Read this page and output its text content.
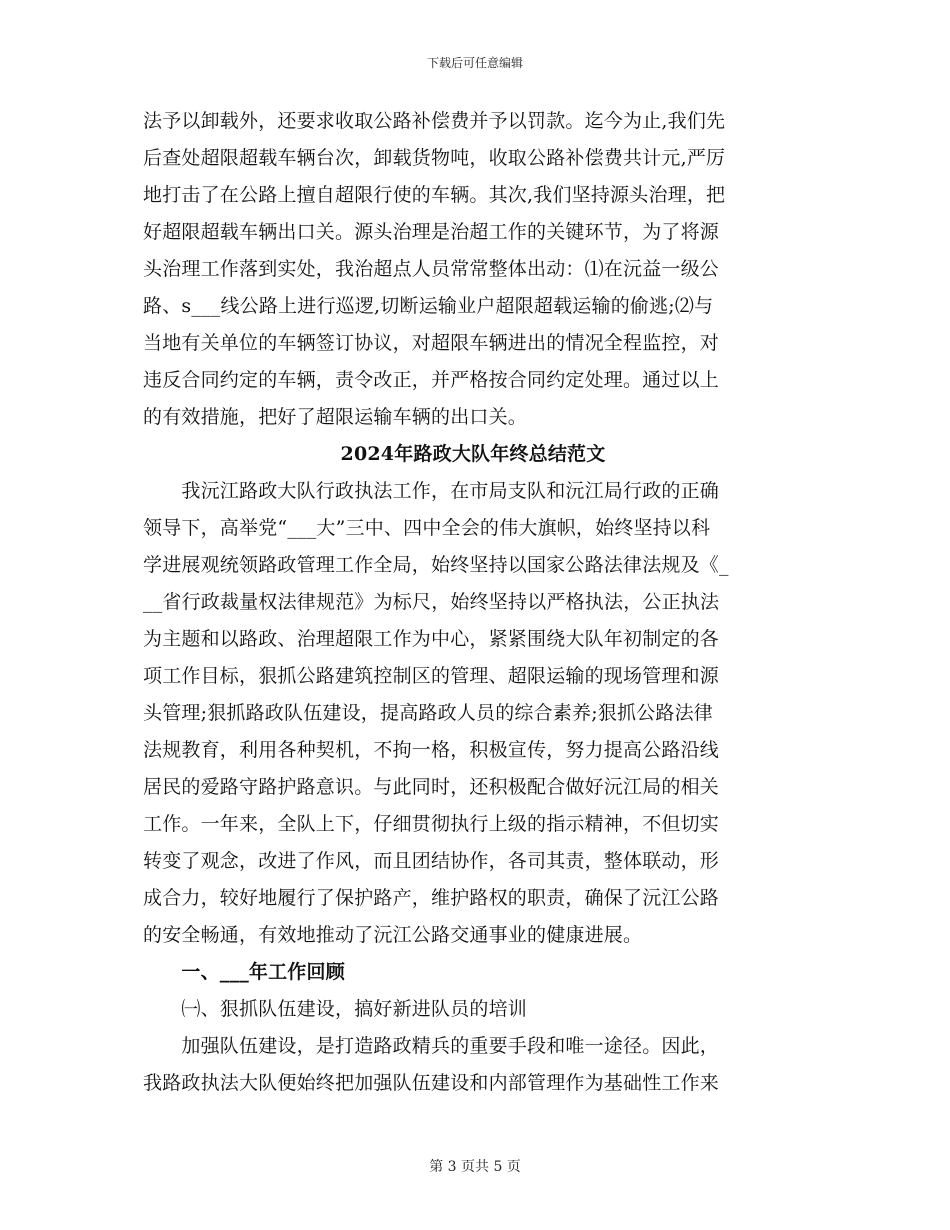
下载后可任意编辑
法予以卸载外，还要求收取公路补偿费并予以罚款。迄今为止,我们先
后查处超限超载车辆台次，卸载货物吨，收取公路补偿费共计元,严厉
地打击了在公路上擅自超限行使的车辆。其次,我们坚持源头治理，把
好超限超载车辆出口关。源头治理是治超工作的关键环节，为了将源
头治理工作落到实处，我治超点人员常常整体出动：⑴在沅益一级公
路、s___线公路上进行巡逻,切断运输业户超限超载运输的偷逃;⑵与
当地有关单位的车辆签订协议，对超限车辆进出的情况全程监控，对
违反合同约定的车辆，责令改正，并严格按合同约定处理。通过以上
的有效措施，把好了超限运输车辆的出口关。
2024年路政大队年终总结范文
　　我沅江路政大队行政执法工作，在市局支队和沅江局行政的正确
领导下，高举党“___大”三中、四中全会的伟大旗帜，始终坚持以科
学进展观统领路政管理工作全局，始终坚持以国家公路法律法规及《_
__省行政裁量权法律规范》为标尺，始终坚持以严格执法，公正执法
为主题和以路政、治理超限工作为中心，紧紧围绕大队年初制定的各
项工作目标，狠抓公路建筑控制区的管理、超限运输的现场管理和源
头管理;狠抓路政队伍建设，提高路政人员的综合素养;狠抓公路法律
法规教育，利用各种契机，不拘一格，积极宣传，努力提高公路沿线
居民的爱路守路护路意识。与此同时，还积极配合做好沅江局的相关
工作。一年来，全队上下，仔细贯彻执行上级的指示精神，不但切实
转变了观念，改进了作风，而且团结协作，各司其责，整体联动，形
成合力，较好地履行了保护路产，维护路权的职责，确保了沅江公路
的安全畅通，有效地推动了沅江公路交通事业的健康进展。
　　一、___年工作回顾
　　㈠、狠抓队伍建设，搞好新进队员的培训
　　加强队伍建设，是打造路政精兵的重要手段和唯一途径。因此，
我路政执法大队便始终把加强队伍建设和内部管理作为基础性工作来
第 3 页共 5 页
